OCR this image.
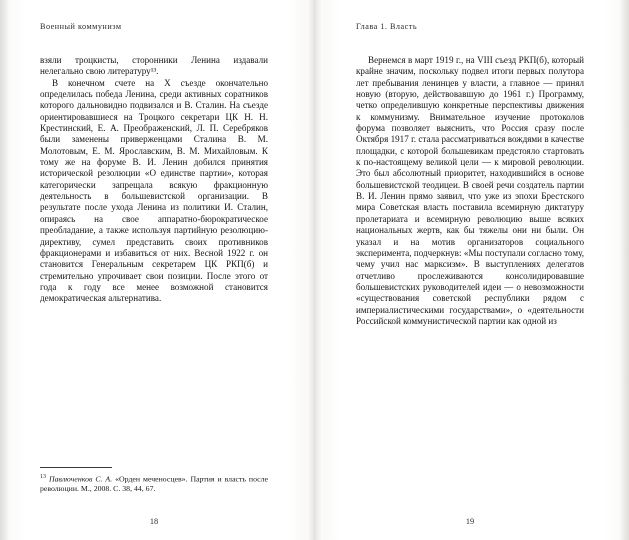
Военный коммунизм

взяли троцкисты, сторонники Ленина издавали нелегально свою литературу¹³.

В конечном счете на X съезде окончательно определилась победа Ленина, среди активных соратников которого дальновидно подвизался и В. Сталин. На съезде ориентировавшиеся на Троцкого секретари ЦК Н. Н. Крестинский, Е. А. Преображенский, Л. П. Серебряков были заменены приверженцами Сталина В. М. Молотовым, Е. М. Ярославским, В. М. Михайловым. К тому же на форуме В. И. Ленин добился принятия исторической резолюции «О единстве партии», которая категорически запрещала всякую фракционную деятельность в большевистской организации. В результате после ухода Ленина из политики И. Сталин, опираясь на свое аппаратно-бюрократическое преобладание, а также используя партийную резолюцию-директиву, сумел представить своих противников фракционерами и избавиться от них. Весной 1922 г. он становится Генеральным секретарем ЦК РКП(б) и стремительно упрочивает свои позиции. После этого от года к году все менее возможной становится демократическая альтернатива.

$^{13}$ Павлюченков С. А. «Орден меченосцев». Партия и власть после революции. М., 2008. С. 38, 44, 67.
18
Глава 1. Власть

Вернемся в март 1919 г., на VIII съезд РКП(б), который крайне значим, поскольку подвел итоги первых полутора лет пребывания ленинцев у власти, а главное — принял новую (вторую, действовавшую до 1961 г.) Программу, четко определившую конкретные перспективы движения к коммунизму. Внимательное изучение протоколов форума позволяет выяснить, что Россия сразу после Октября 1917 г. стала рассматриваться вождями в качестве площадки, с которой большевикам предстояло стартовать к по-настоящему великой цели — к мировой революции. Это был абсолютный приоритет, находившийся в основе большевистской теодицеи. В своей речи создатель партии В. И. Ленин прямо заявил, что уже из эпохи Брестского мира Советская власть поставила всемирную диктатуру пролетариата и всемирную революцию выше всяких национальных жертв, как бы тяжелы они ни были. Он указал и на мотив организаторов социального эксперимента, подчеркнув: «Мы поступали согласно тому, чему учил нас марксизм». В выступлениях делегатов отчетливо прослеживаются консолидировавшие большевистских руководителей идеи — о невозможности «существования советской республики рядом с империалистическими государствами», о «деятельности Российской коммунистической партии как одной из

19
